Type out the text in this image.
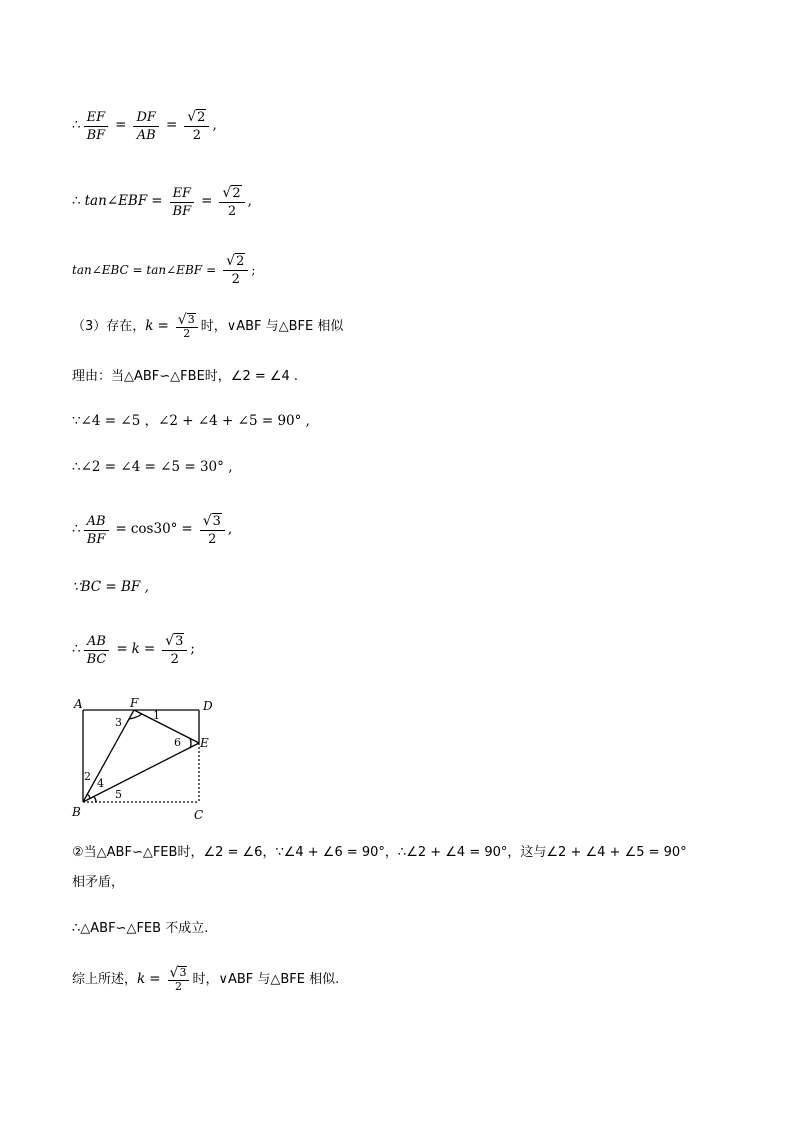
∴ $\frac{EF}{BF} = \frac{DF}{AB} = \frac{√ 2}{2}$ ,
∴ tan∠EBF = $\frac{EF}{BF} = \frac{√ 2}{2}$ ,
tan∠EBC = tan∠EBF = $\frac{√ 2}{2}$ ;
（3）存在， $k = \frac{√ 3}{2}$ 时，∨ABF 与△BFE 相似
理由：当△ABF∽△FBE时，∠2 = ∠4 .
∵∠4 = ∠5 ，∠2 + ∠4 + ∠5 = 90° ,
∴∠2 = ∠4 = ∠5 = 30° ,
∴ $\frac{AB}{BF} = \cos 30^\circ = \frac{√ 3}{2}$ ,
∵BC = BF ,
∴ $\frac{AB}{BC} = k = \frac{√ 3}{2}$ ;
A	F	D
E
B	C
1
3
6
2
4
5
②当△ABF∽△FEB时，∠2 = ∠6，∵∠4 + ∠6 = 90°，∴∠2 + ∠4 = 90°，这与∠2 + ∠4 + ∠5 = 90°
相矛盾，
∴△ABF∽△FEB 不成立.
综上所述， $k = \frac{√ 3}{2}$ 时，∨ABF 与△BFE 相似.
